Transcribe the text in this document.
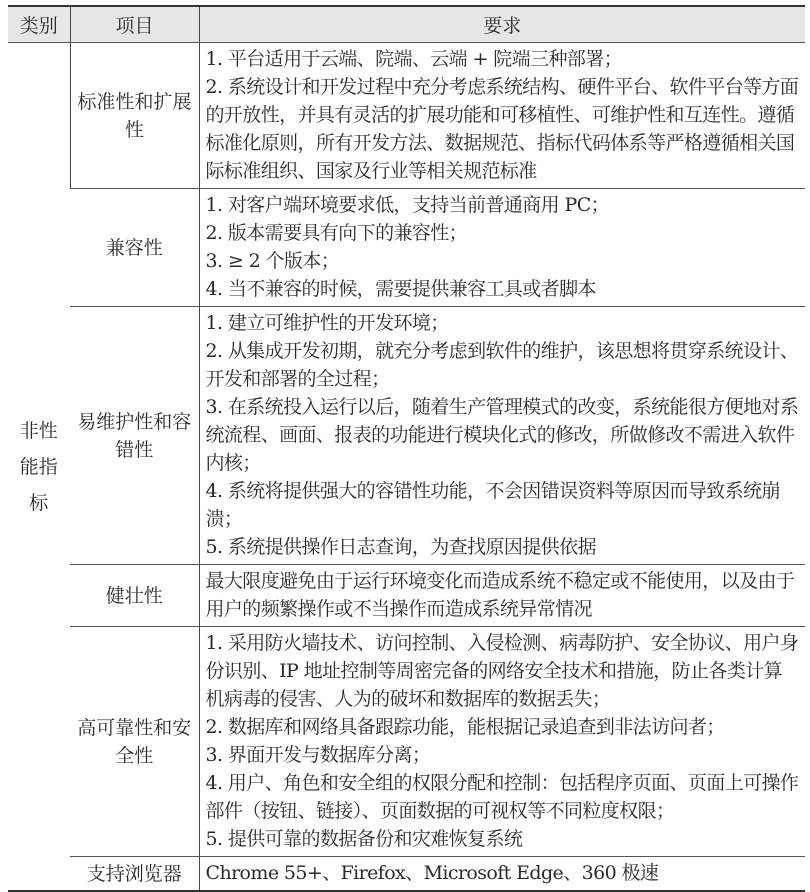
类别	项目	要求

非性能指标	标准性和扩展性	1. 平台适用于云端、院端、云端 + 院端三种部署；
2. 系统设计和开发过程中充分考虑系统结构、硬件平台、软件平台等方面的开放性，并具有灵活的扩展功能和可移植性、可维护性和互连性。遵循标准化原则，所有开发方法、数据规范、指标代码体系等严格遵循相关国际标准组织、国家及行业等相关规范标准

	兼容性	1. 对客户端环境要求低，支持当前普通商用 PC；
2. 版本需要具有向下的兼容性；
3. ≥ 2 个版本；
4. 当不兼容的时候，需要提供兼容工具或者脚本

	易维护性和容错性	1. 建立可维护性的开发环境；
2. 从集成开发初期，就充分考虑到软件的维护，该思想将贯穿系统设计、开发和部署的全过程；
3. 在系统投入运行以后，随着生产管理模式的改变，系统能很方便地对系统流程、画面、报表的功能进行模块化式的修改，所做修改不需进入软件内核；
4. 系统将提供强大的容错性功能，不会因错误资料等原因而导致系统崩溃；
5. 系统提供操作日志查询，为查找原因提供依据

	健壮性	最大限度避免由于运行环境变化而造成系统不稳定或不能使用，以及由于用户的频繁操作或不当操作而造成系统异常情况

	高可靠性和安全性	1. 采用防火墙技术、访问控制、入侵检测、病毒防护、安全协议、用户身份识别、IP 地址控制等周密完备的网络安全技术和措施，防止各类计算机病毒的侵害、人为的破坏和数据库的数据丢失；
2. 数据库和网络具备跟踪功能，能根据记录追查到非法访问者；
3. 界面开发与数据库分离；
4. 用户、角色和安全组的权限分配和控制：包括程序页面、页面上可操作部件（按钮、链接）、页面数据的可视权等不同粒度权限；
5. 提供可靠的数据备份和灾难恢复系统

	支持浏览器	Chrome 55+、Firefox、Microsoft Edge、360 极速
